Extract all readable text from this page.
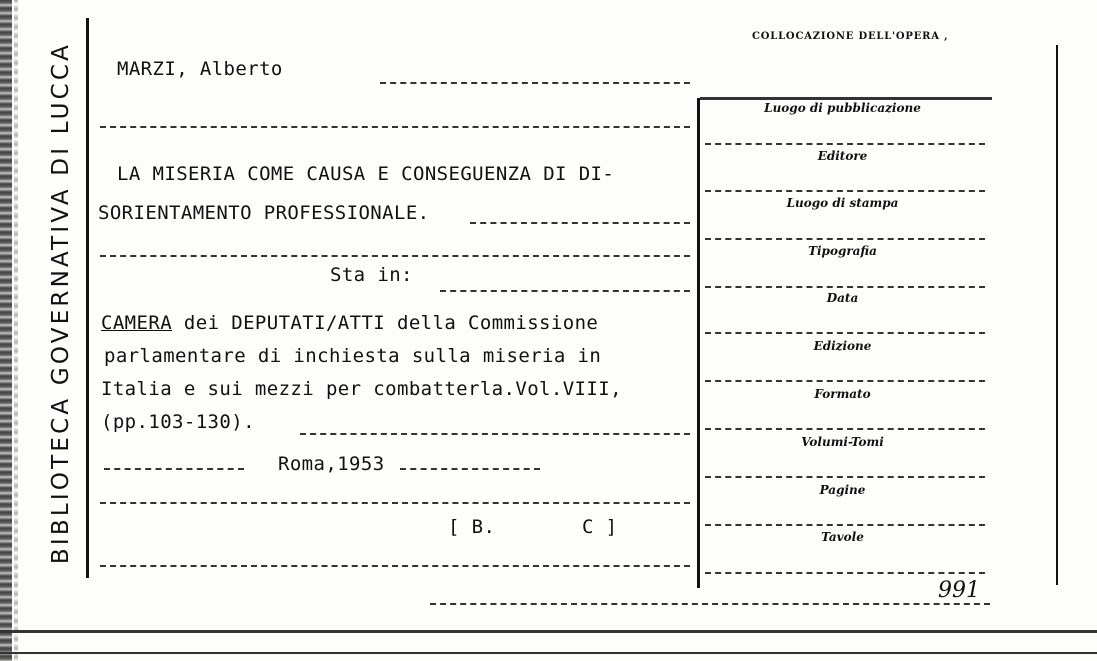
BIBLIOTECA GOVERNATIVA DI LUCCA
COLLOCAZIONE DELL'OPERA ,
MARZI, Alberto
LA MISERIA COME CAUSA E CONSEGUENZA DI DI-
SORIENTAMENTO PROFESSIONALE.
Sta in:
CAMERA dei DEPUTATI/ATTI della Commissione
parlamentare di inchiesta sulla miseria in
Italia e sui mezzi per combatterla.Vol.VIII,
(pp.103-130).
Roma,1953
[ B.	C ]
Luogo di pubblicazione
Editore
Luogo di stampa
Tipografia
Data
Edizione
Formato
Volumi-Tomi
Pagine
Tavole
991
